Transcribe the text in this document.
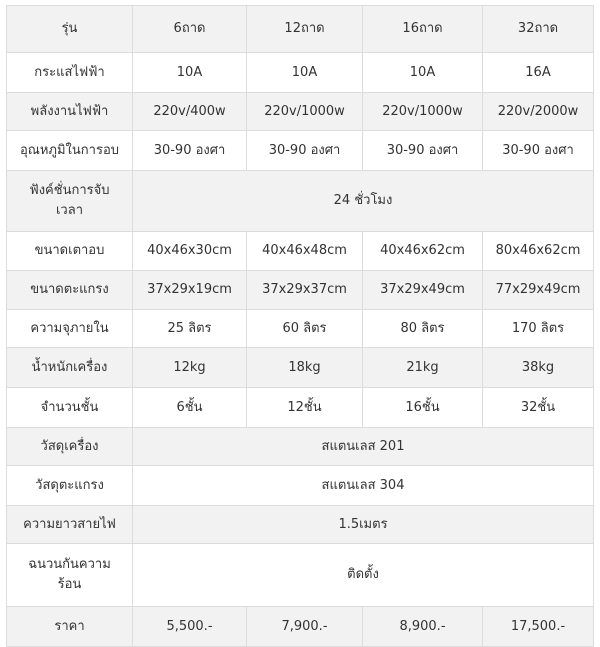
รุ่น	6ถาด	12ถาด	16ถาด	32ถาด
กระแสไฟฟ้า	10A	10A	10A	16A
พลังงานไฟฟ้า	220v/400w	220v/1000w	220v/1000w	220v/2000w
อุณหภูมิในการอบ	30-90 องศา	30-90 องศา	30-90 องศา	30-90 องศา
ฟังค์ชั่นการจับ
เวลา	24 ชั่วโมง			
ขนาดเตาอบ	40x46x30cm	40x46x48cm	40x46x62cm	80x46x62cm
ขนาดตะแกรง	37x29x19cm	37x29x37cm	37x29x49cm	77x29x49cm
ความจุภายใน	25 ลิตร	60 ลิตร	80 ลิตร	170 ลิตร
น้ำหนักเครื่อง	12kg	18kg	21kg	38kg
จำนวนชั้น	6ชั้น	12ชั้น	16ชั้น	32ชั้น
วัสดุเครื่อง	สแตนเลส 201			
วัสดุตะแกรง	สแตนเลส 304			
ความยาวสายไฟ	1.5เมตร			
ฉนวนกันความ
ร้อน	ติดตั้ง			
ราคา	5,500.-	7,900.-	8,900.-	17,500.-
